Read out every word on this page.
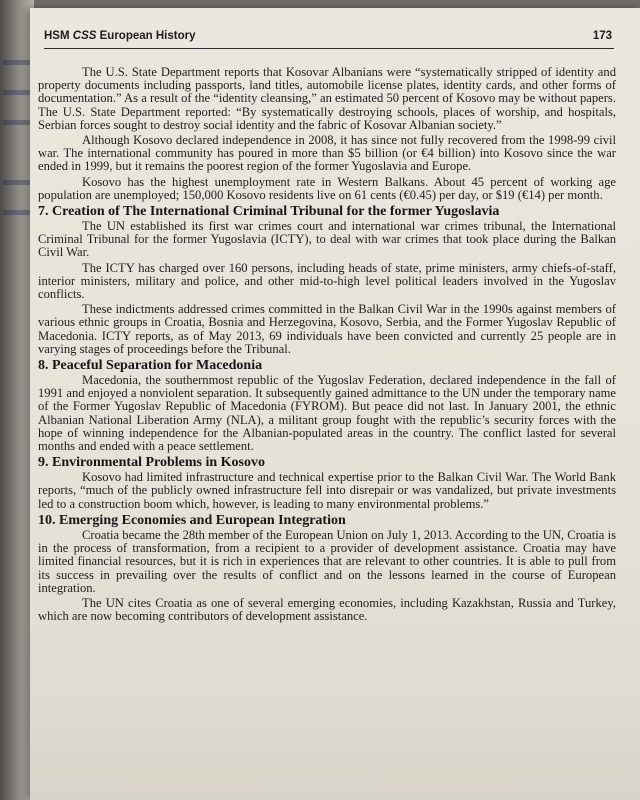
HSM CSS European History	173

The U.S. State Department reports that Kosovar Albanians were “systematically stripped of identity and property documents including passports, land titles, automobile license plates, identity cards, and other forms of documentation.” As a result of the “identity cleansing,” an estimated 50 percent of Kosovo may be without papers. The U.S. State Department reported: “By systematically destroying schools, places of worship, and hospitals, Serbian forces sought to destroy social identity and the fabric of Kosovar Albanian society.”

Although Kosovo declared independence in 2008, it has since not fully recovered from the 1998-99 civil war. The international community has poured in more than $5 billion (or €4 billion) into Kosovo since the war ended in 1999, but it remains the poorest region of the former Yugoslavia and Europe.

Kosovo has the highest unemployment rate in Western Balkans. About 45 percent of working age population are unemployed; 150,000 Kosovo residents live on 61 cents (€0.45) per day, or $19 (€14) per month.

7. Creation of The International Criminal Tribunal for the former Yugoslavia

The UN established its first war crimes court and international war crimes tribunal, the International Criminal Tribunal for the former Yugoslavia (ICTY), to deal with war crimes that took place during the Balkan Civil War.

The ICTY has charged over 160 persons, including heads of state, prime ministers, army chiefs-of-staff, interior ministers, military and police, and other mid-to-high level political leaders involved in the Yugoslav conflicts.

These indictments addressed crimes committed in the Balkan Civil War in the 1990s against members of various ethnic groups in Croatia, Bosnia and Herzegovina, Kosovo, Serbia, and the Former Yugoslav Republic of Macedonia. ICTY reports, as of May 2013, 69 individuals have been convicted and currently 25 people are in varying stages of proceedings before the Tribunal.

8. Peaceful Separation for Macedonia

Macedonia, the southernmost republic of the Yugoslav Federation, declared independence in the fall of 1991 and enjoyed a nonviolent separation. It subsequently gained admittance to the UN under the temporary name of the Former Yugoslav Republic of Macedonia (FYROM). But peace did not last. In January 2001, the ethnic Albanian National Liberation Army (NLA), a militant group fought with the republic’s security forces with the hope of winning independence for the Albanian-populated areas in the country. The conflict lasted for several months and ended with a peace settlement.

9. Environmental Problems in Kosovo

Kosovo had limited infrastructure and technical expertise prior to the Balkan Civil War. The World Bank reports, “much of the publicly owned infrastructure fell into disrepair or was vandalized, but private investments led to a construction boom which, however, is leading to many environmental problems.”

10. Emerging Economies and European Integration

Croatia became the 28th member of the European Union on July 1, 2013. According to the UN, Croatia is in the process of transformation, from a recipient to a provider of development assistance. Croatia may have limited financial resources, but it is rich in experiences that are relevant to other countries. It is able to pull from its success in prevailing over the results of conflict and on the lessons learned in the course of European integration.

The UN cites Croatia as one of several emerging economies, including Kazakhstan, Russia and Turkey, which are now becoming contributors of development assistance.
